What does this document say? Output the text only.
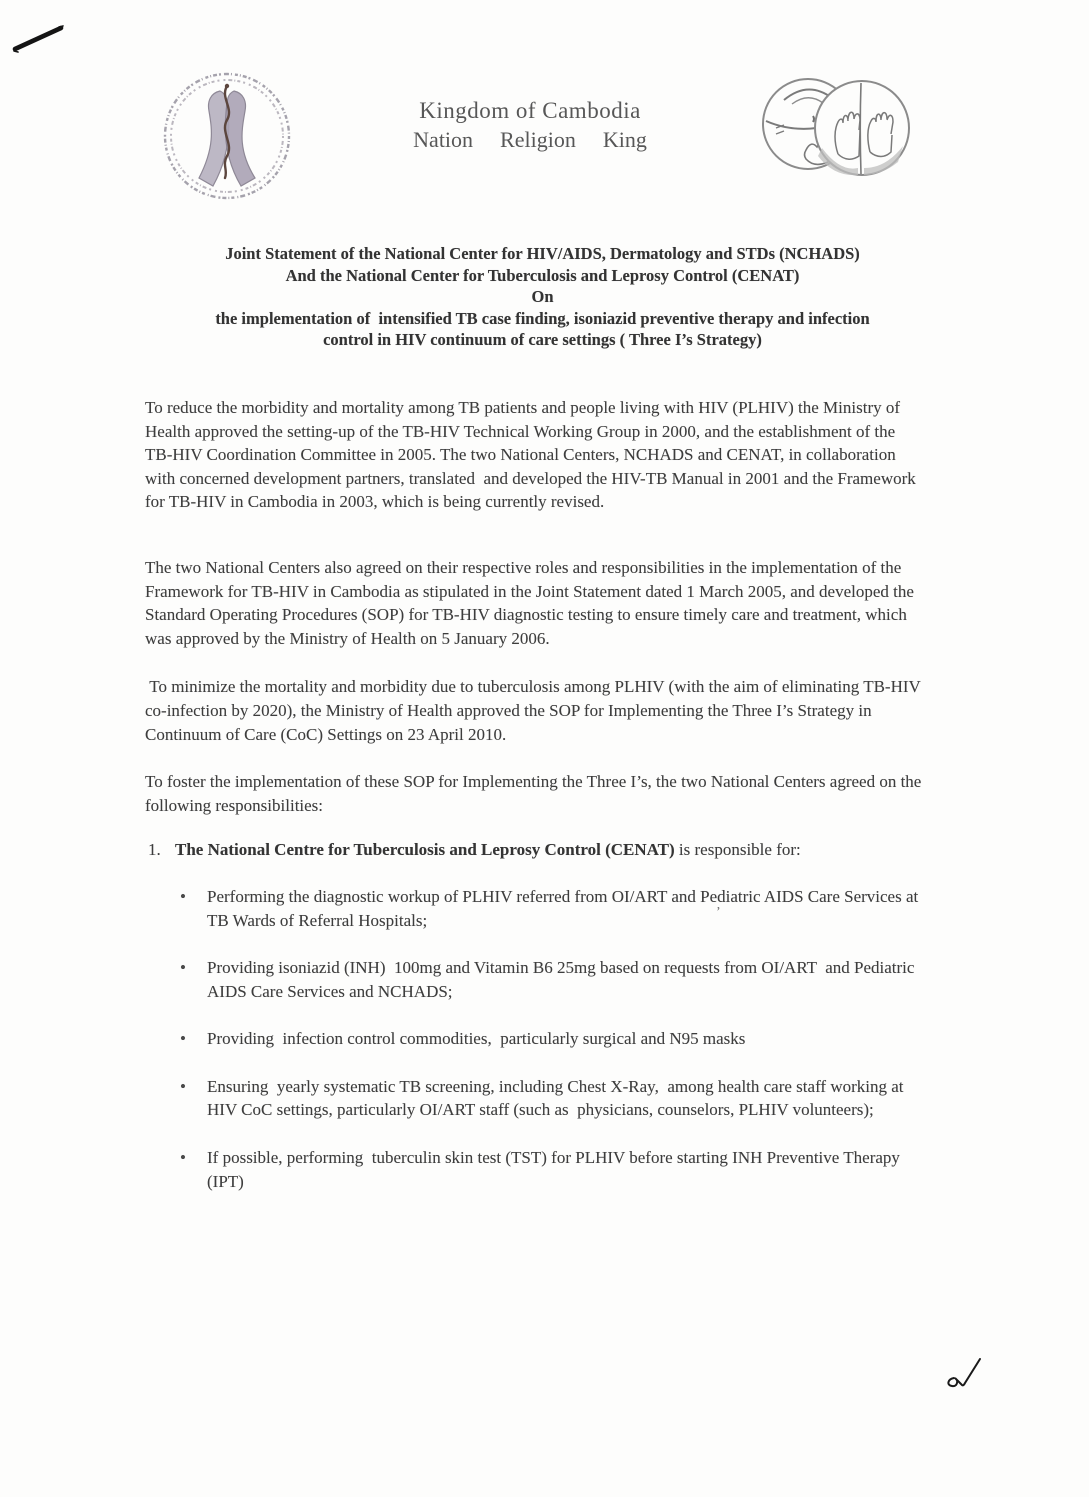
Kingdom of Cambodia
Nation  Religion  King
Joint Statement of the National Center for HIV/AIDS, Dermatology and STDs (NCHADS)
And the National Center for Tuberculosis and Leprosy Control (CENAT)
On
the implementation of  intensified TB case finding, isoniazid preventive therapy and infection
control in HIV continuum of care settings ( Three I’s Strategy)

To reduce the morbidity and mortality among TB patients and people living with HIV (PLHIV) the Ministry of Health approved the setting-up of the TB-HIV Technical Working Group in 2000, and the establishment of the TB-HIV Coordination Committee in 2005. The two National Centers, NCHADS and CENAT, in collaboration with concerned development partners, translated  and developed the HIV-TB Manual in 2001 and the Framework for TB-HIV in Cambodia in 2003, which is being currently revised.

The two National Centers also agreed on their respective roles and responsibilities in the implementation of the Framework for TB-HIV in Cambodia as stipulated in the Joint Statement dated 1 March 2005, and developed the Standard Operating Procedures (SOP) for TB-HIV diagnostic testing to ensure timely care and treatment, which was approved by the Ministry of Health on 5 January 2006.

To minimize the mortality and morbidity due to tuberculosis among PLHIV (with the aim of eliminating TB-HIV co-infection by 2020), the Ministry of Health approved the SOP for Implementing the Three I’s Strategy in Continuum of Care (CoC) Settings on 23 April 2010.

To foster the implementation of these SOP for Implementing the Three I’s, the two National Centers agreed on the following responsibilities:

1. The National Centre for Tuberculosis and Leprosy Control (CENAT) is responsible for:
• Performing the diagnostic workup of PLHIV referred from OI/ART and Pediatric AIDS Care Services at TB Wards of Referral Hospitals;
• Providing isoniazid (INH)  100mg and Vitamin B6 25mg based on requests from OI/ART  and Pediatric AIDS Care Services and NCHADS;
• Providing  infection control commodities,  particularly surgical and N95 masks
• Ensuring  yearly systematic TB screening, including Chest X-Ray,  among health care staff working at HIV CoC settings, particularly OI/ART staff (such as  physicians, counselors, PLHIV volunteers);
• If possible, performing  tuberculin skin test (TST) for PLHIV before starting INH Preventive Therapy (IPT)
’
